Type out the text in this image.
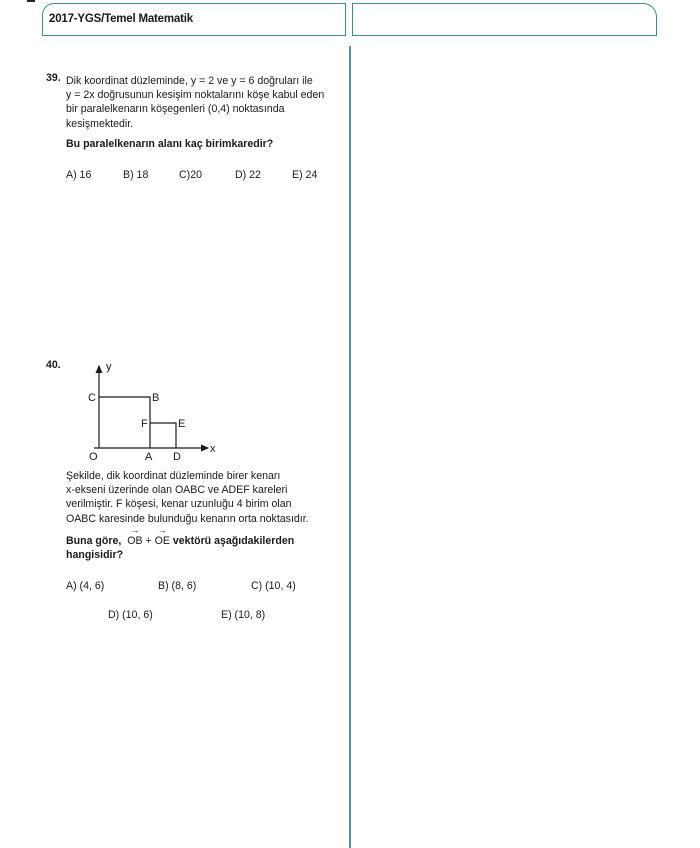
2017-YGS/Temel Matematik
39. Dik koordinat düzleminde, y = 2 ve y = 6 doğruları ile
y = 2x doğrusunun kesişim noktalarını köşe kabul eden
bir paralelkenarın köşegenleri (0,4) noktasında
kesişmektedir.
Bu paralelkenarın alanı kaç birimkaredir?
A) 16	B) 18	C)20	D) 22	E) 24
40.	y
x
C	B
F	E
O	A D
Şekilde, dik koordinat düzleminde birer kenarı
x-ekseni üzerinde olan OABC ve ADEF kareleri
verilmiştir. F köşesi, kenar uzunluğu 4 birim olan
OABC karesinde bulunduğu kenarın orta noktasıdır.
Buna göre,
→
OB +
→
OE vektörü aşağıdakilerden
hangisidir?
A) (4, 6)	B) (8, 6)	C) (10, 4)
D) (10, 6)	E) (10, 8)
